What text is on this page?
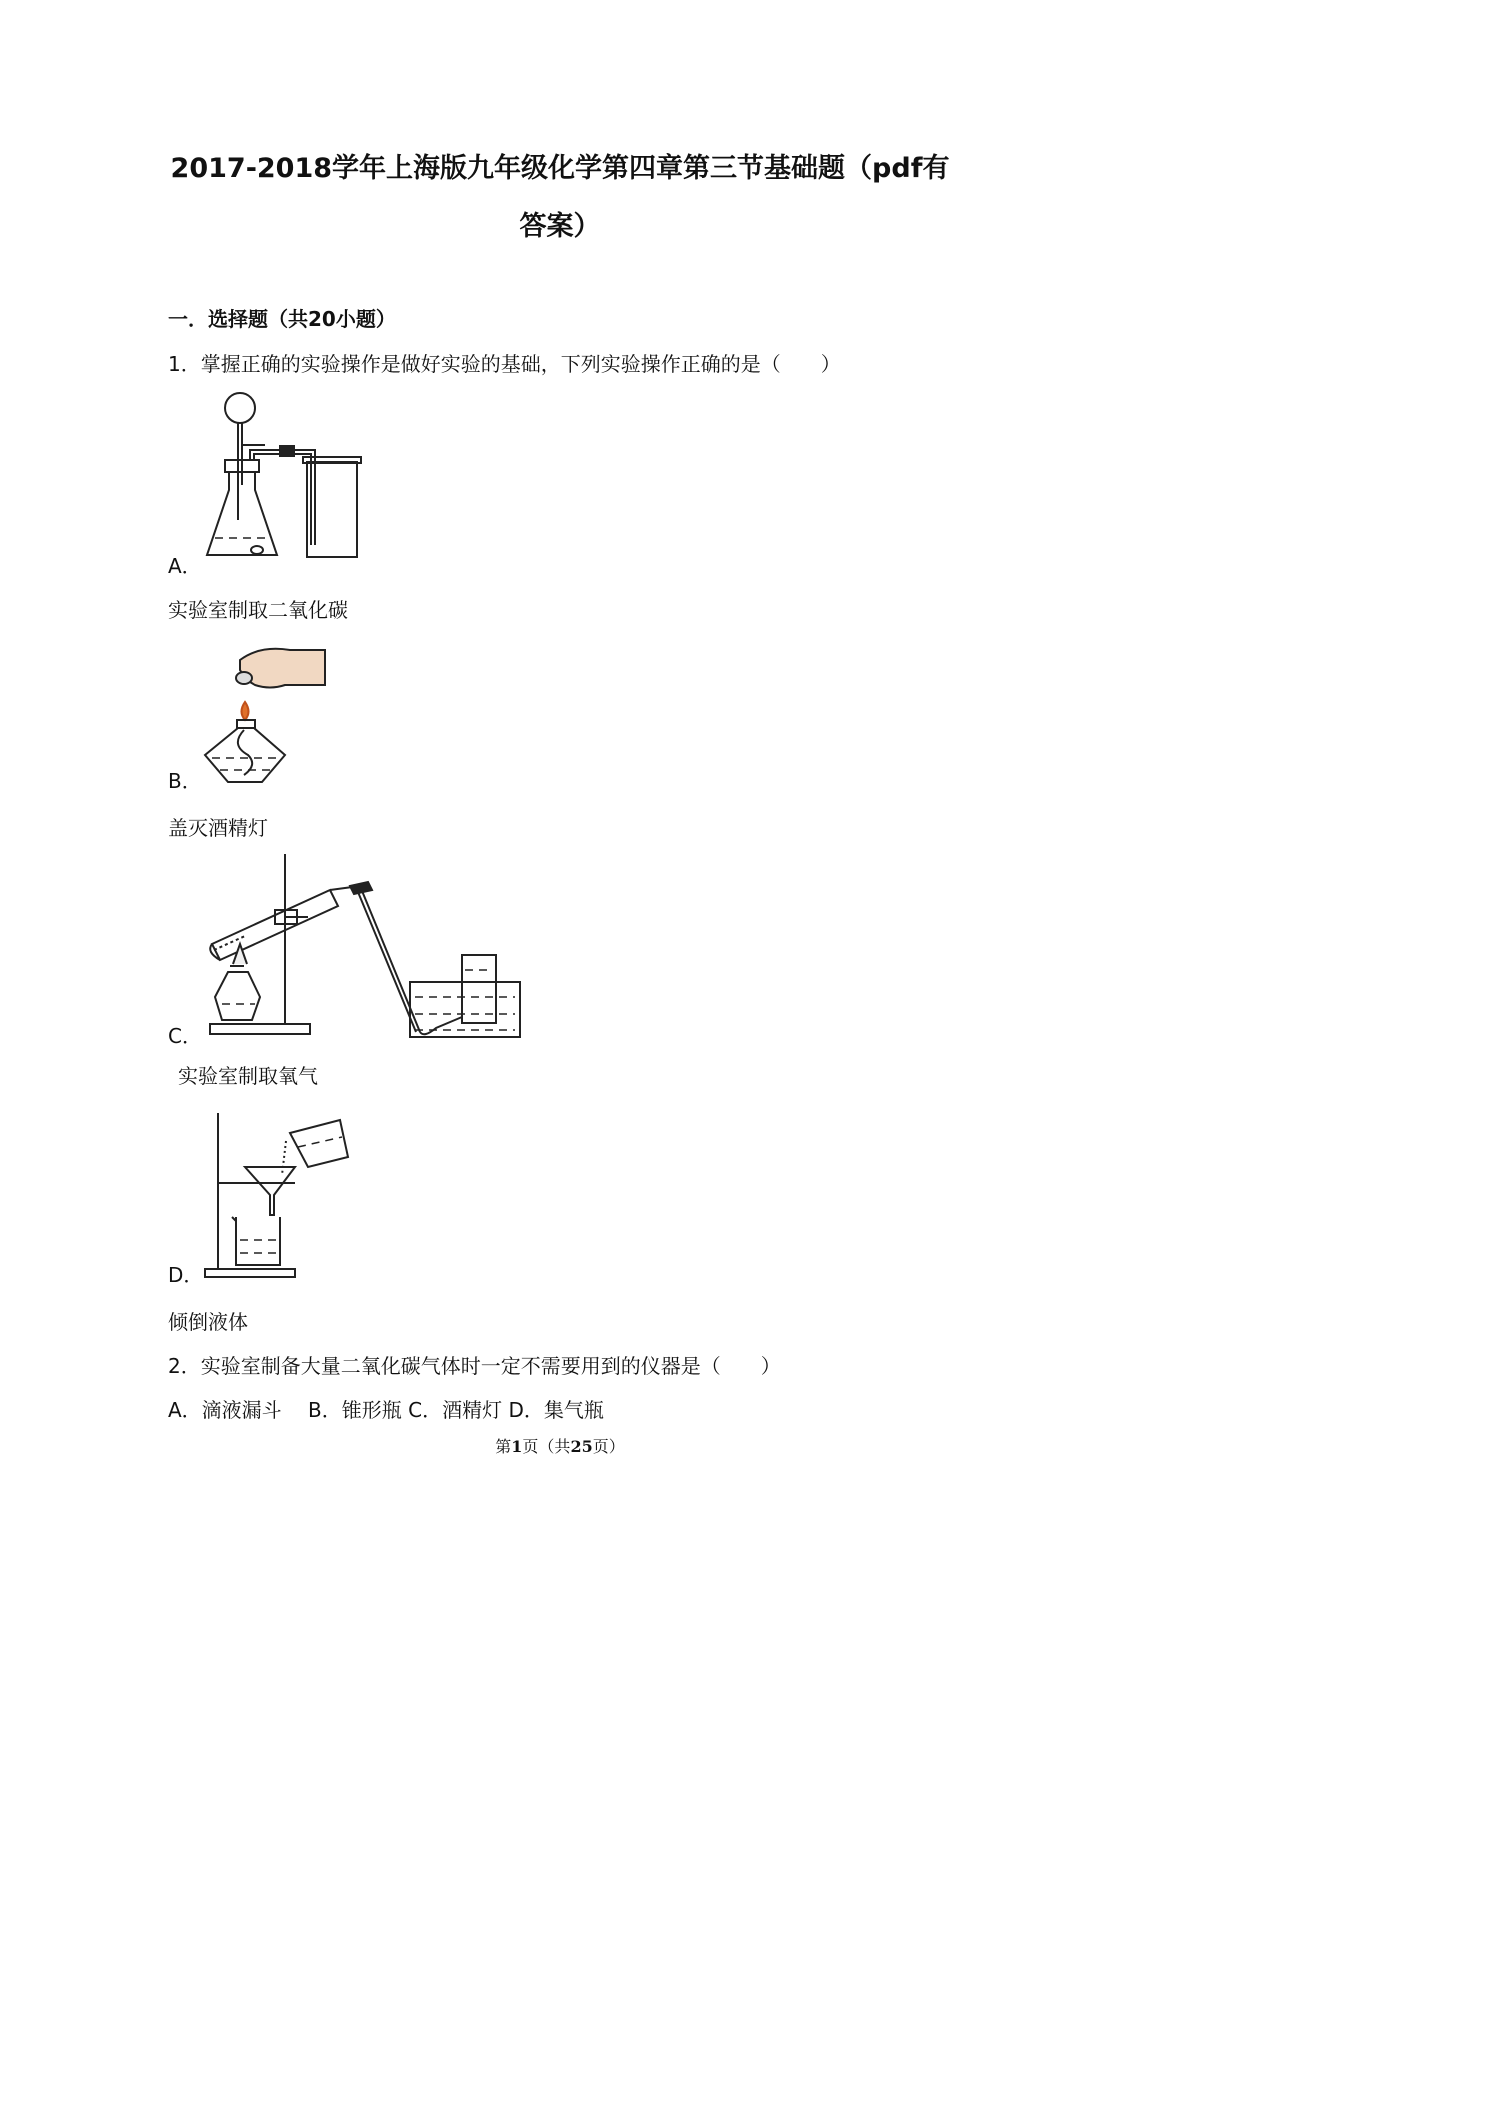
2017-2018学年上海版九年级化学第四章第三节基础题（pdf有
答案）
一．选择题（共20小题）
1．掌握正确的实验操作是做好实验的基础，下列实验操作正确的是（　　）
A．
实验室制取二氧化碳
B．
盖灭酒精灯
C．
实验室制取氧气
D．
倾倒液体
2．实验室制备大量二氧化碳气体时一定不需要用到的仪器是（　　）
A．滴液漏斗　 B．锥形瓶 C．酒精灯 D．集气瓶
第1页（共25页）
